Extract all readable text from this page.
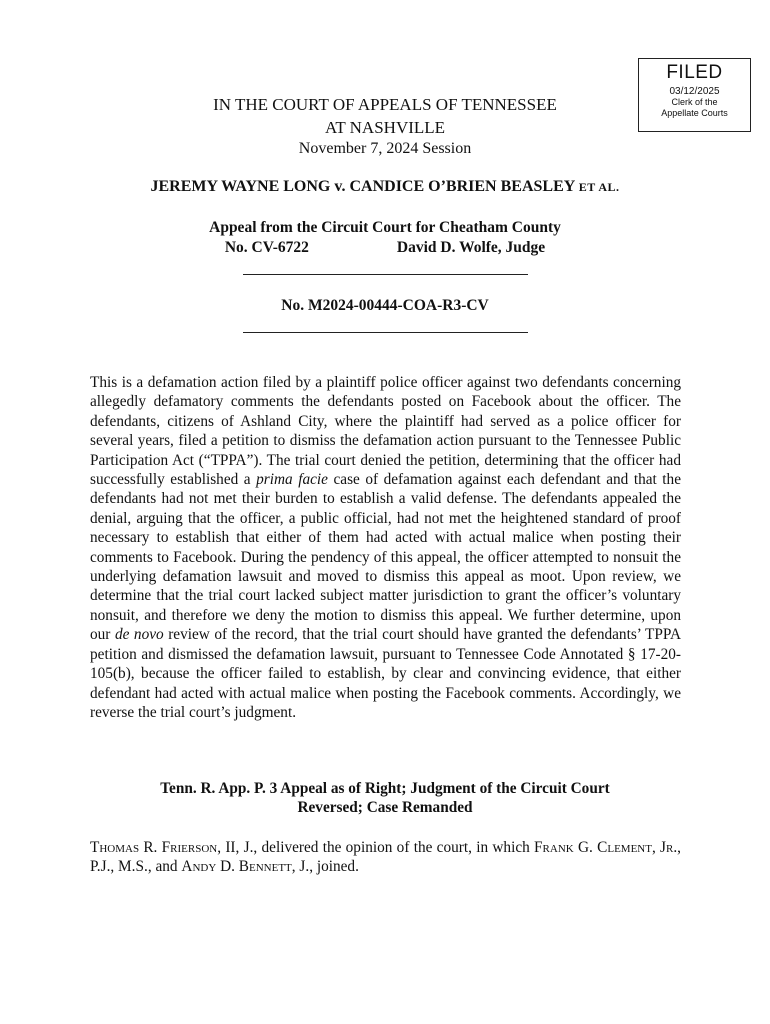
FILED
03/12/2025
Clerk of the
Appellate Courts
IN THE COURT OF APPEALS OF TENNESSEE
AT NASHVILLE
November 7, 2024 Session
JEREMY WAYNE LONG v. CANDICE O’BRIEN BEASLEY ET AL.
Appeal from the Circuit Court for Cheatham County
No. CV-6722	David D. Wolfe, Judge
No. M2024-00444-COA-R3-CV

This is a defamation action filed by a plaintiff police officer against two defendants concerning allegedly defamatory comments the defendants posted on Facebook about the officer. The defendants, citizens of Ashland City, where the plaintiff had served as a police officer for several years, filed a petition to dismiss the defamation action pursuant to the Tennessee Public Participation Act (“TPPA”). The trial court denied the petition, determining that the officer had successfully established a prima facie case of defamation against each defendant and that the defendants had not met their burden to establish a valid defense. The defendants appealed the denial, arguing that the officer, a public official, had not met the heightened standard of proof necessary to establish that either of them had acted with actual malice when posting their comments to Facebook. During the pendency of this appeal, the officer attempted to nonsuit the underlying defamation lawsuit and moved to dismiss this appeal as moot. Upon review, we determine that the trial court lacked subject matter jurisdiction to grant the officer’s voluntary nonsuit, and therefore we deny the motion to dismiss this appeal. We further determine, upon our de novo review of the record, that the trial court should have granted the defendants’ TPPA petition and dismissed the defamation lawsuit, pursuant to Tennessee Code Annotated § 17-20-105(b), because the officer failed to establish, by clear and convincing evidence, that either defendant had acted with actual malice when posting the Facebook comments. Accordingly, we reverse the trial court’s judgment.

Tenn. R. App. P. 3 Appeal as of Right; Judgment of the Circuit Court
Reversed; Case Remanded

Thomas R. Frierson, II, J., delivered the opinion of the court, in which Frank G. Clement, Jr., P.J., M.S., and Andy D. Bennett, J., joined.
